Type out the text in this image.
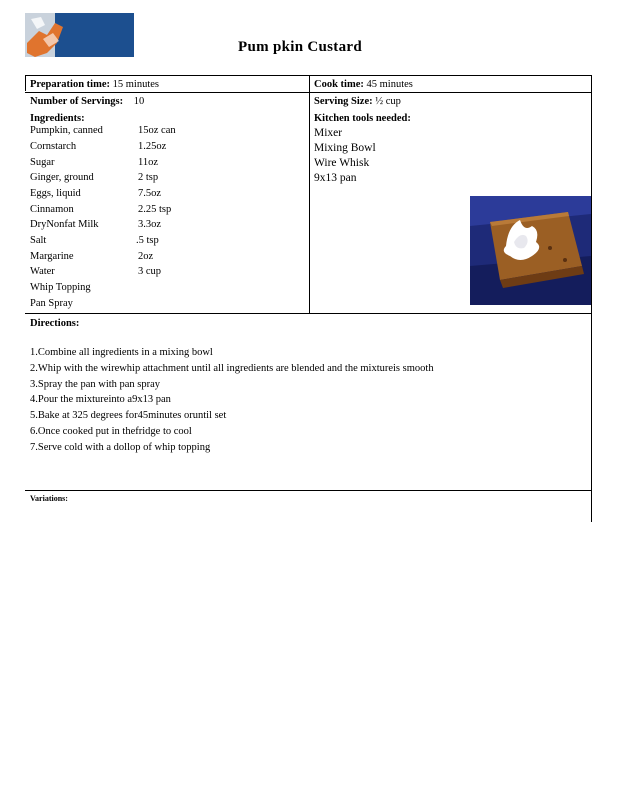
Pum pkin Custard
Preparation time: 15 minutes	Cook time: 45 minutes
Number of Servings: 10	Serving Size: ½ cup
Ingredients:
Pumpkin, canned	15oz can
Cornstarch	1.25oz
Sugar	11oz
Ginger, ground	2 tsp
Eggs, liquid	7.5oz
Cinnamon	2.25 tsp
DryNonfat Milk	3.3oz
Salt	.5 tsp
Margarine	2oz
Water	3 cup
Whip Topping
Pan Spray
Kitchen tools needed:
Mixer
Mixing Bowl
Wire Whisk
9x13 pan
Directions:
1.Combine all ingredients in a mixing bowl
2.Whip with the wirewhip attachment until all ingredients are blended and the mixtureis smooth
3.Spray the pan with pan spray
4.Pour the mixtureinto a9x13 pan
5.Bake at 325 degrees for45minutes oruntil set
6.Once cooked put in thefridge to cool
7.Serve cold with a dollop of whip topping
Variations:
